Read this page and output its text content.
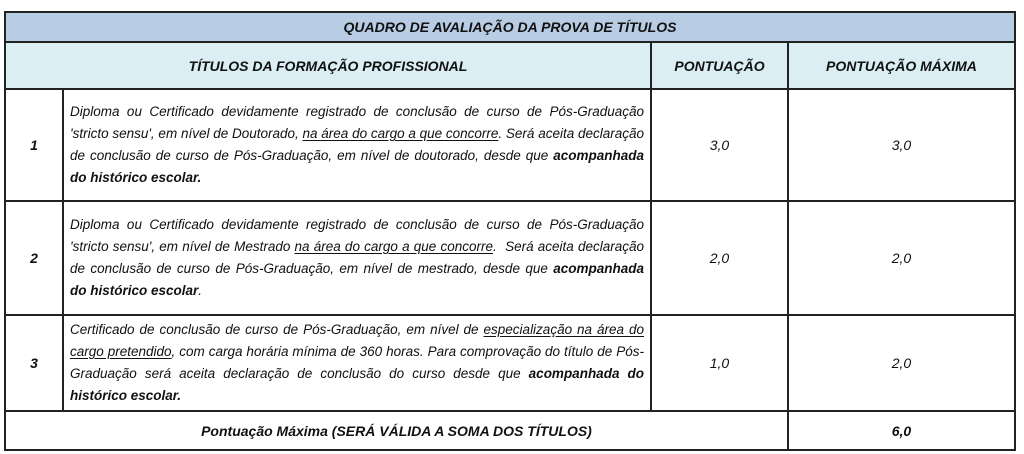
QUADRO DE AVALIAÇÃO DA PROVA DE TÍTULOS			
TÍTULOS DA FORMAÇÃO PROFISSIONAL		PONTUAÇÃO	PONTUAÇÃO MÁXIMA
1	Diploma ou Certificado devidamente registrado de conclusão de curso de Pós-Graduação 'stricto sensu', em nível de Doutorado, na área do cargo a que concorre. Será aceita declaração de conclusão de curso de Pós-Graduação, em nível de doutorado, desde que acompanhada do histórico escolar.	3,0	3,0
2	Diploma ou Certificado devidamente registrado de conclusão de curso de Pós-Graduação 'stricto sensu', em nível de Mestrado na área do cargo a que concorre.  Será aceita declaração de conclusão de curso de Pós-Graduação, em nível de mestrado, desde que acompanhada do histórico escolar.	2,0	2,0
3	Certificado de conclusão de curso de Pós-Graduação, em nível de especialização na área do cargo pretendido, com carga horária mínima de 360 horas. Para comprovação do título de Pós-Graduação será aceita declaração de conclusão do curso desde que acompanhada do histórico escolar.	1,0	2,0
Pontuação Máxima (SERÁ VÁLIDA A SOMA DOS TÍTULOS)			6,0
